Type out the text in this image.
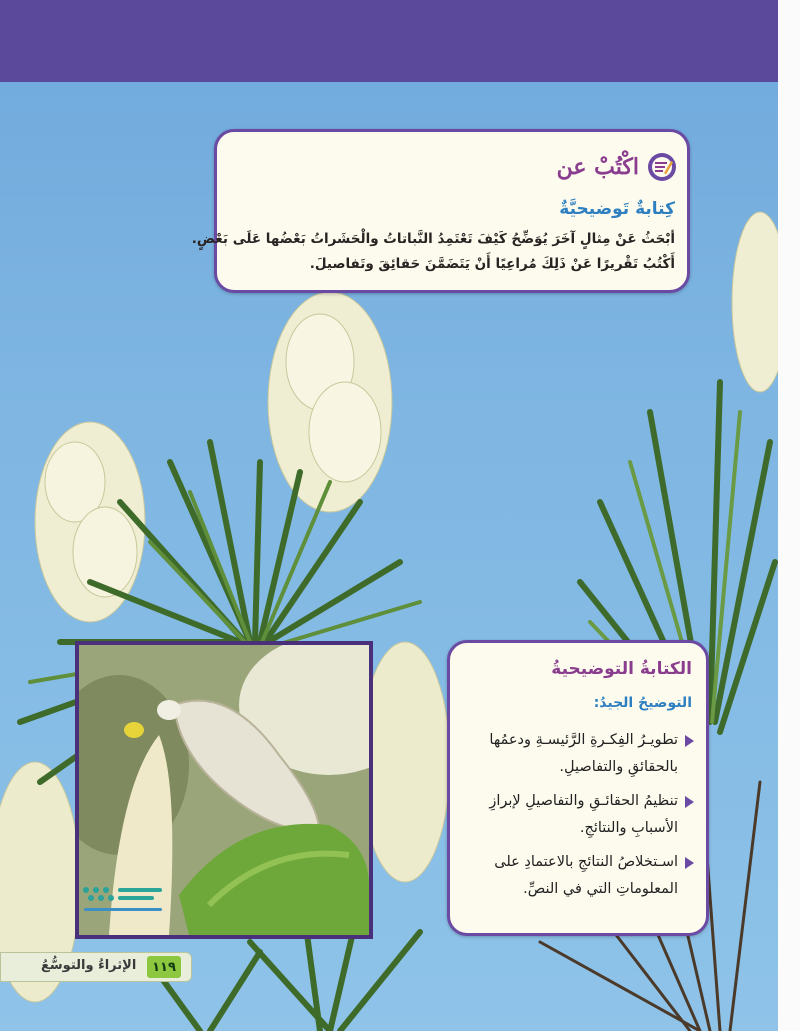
اكْتُبْ عن
كِتابةٌ تَوضيحيَّةٌ

أبْحَثُ عَنْ مِثالٍ آخَرَ يُوَضِّحُ كَيْفَ تَعْتَمِدُ النَّباتاتُ والْحَشَراتُ بَعْضُها عَلَى بَعْضٍ.

أَكْتُبُ تَقْريرًا عَنْ ذَلِكَ مُراعِيًا أَنْ يَتَضَمَّنَ حَقائِقَ وتَفاصيلَ.

الكتابةُ التوضيحيةُ
التوضيحُ الجيدُ:
تطويـرُ الفِكـرةِ الرَّئيسـةِ ودعمُها بالحقائقِ والتفاصيلِ.
تنظيمُ الحقائـقِ والتفاصيلِ لإبرازِ الأسبابِ والنتائجِ.
اسـتخلاصُ النتائجِ بالاعتمادِ على المعلوماتِ التي في النصِّ.
الإثراءُ والتوسُّعُ	١١٩
